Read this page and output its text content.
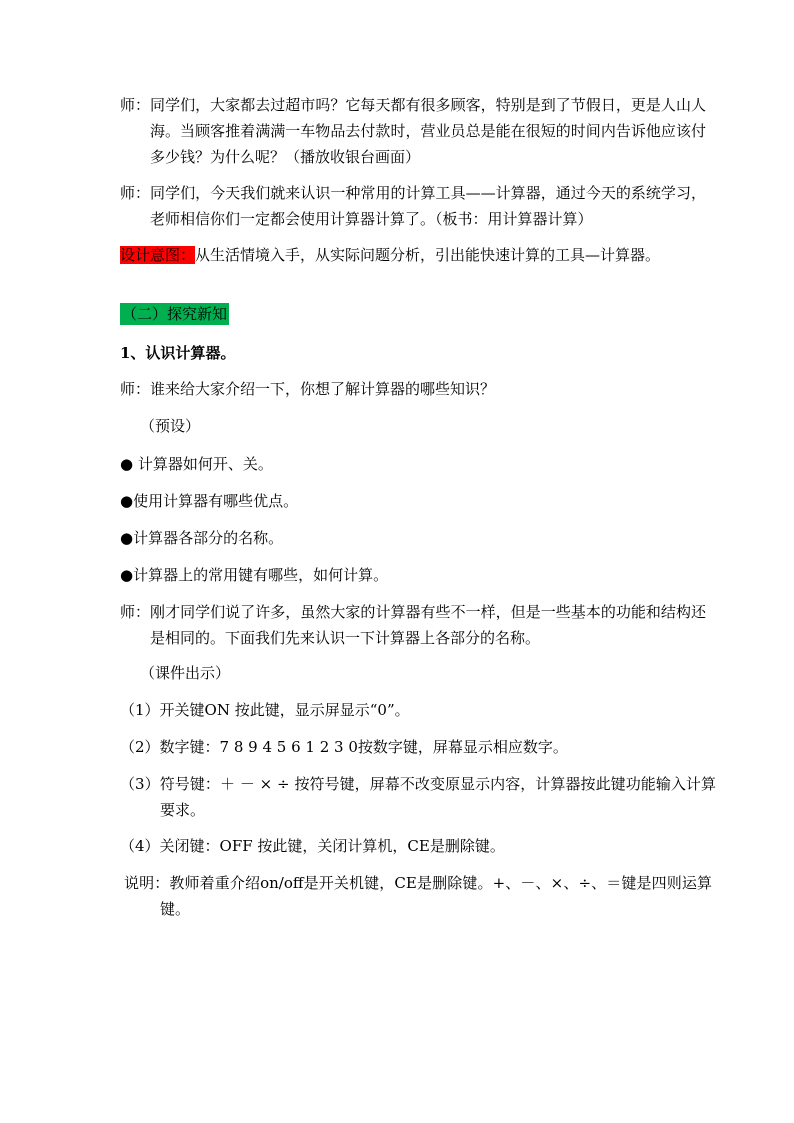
师：同学们，大家都去过超市吗？它每天都有很多顾客，特别是到了节假日，更是人山人海。当顾客推着满满一车物品去付款时，营业员总是能在很短的时间内告诉他应该付多少钱？为什么呢？（播放收银台画面）
师：同学们，今天我们就来认识一种常用的计算工具——计算器，通过今天的系统学习，老师相信你们一定都会使用计算器计算了。（板书：用计算器计算）
设计意图：从生活情境入手，从实际问题分析，引出能快速计算的工具—计算器。
（二）探究新知
1、认识计算器。
师：谁来给大家介绍一下，你想了解计算器的哪些知识？
（预设）
● 计算器如何开、关。
●使用计算器有哪些优点。
●计算器各部分的名称。
●计算器上的常用键有哪些，如何计算。
师：刚才同学们说了许多，虽然大家的计算器有些不一样，但是一些基本的功能和结构还是相同的。下面我们先来认识一下计算器上各部分的名称。
（课件出示）
（1）开关键ON 按此键，显示屏显示“0”。
（2）数字键：7 8 9 4 5 6 1 2 3 0按数字键，屏幕显示相应数字。
（3）符号键：＋ － × ÷ 按符号键，屏幕不改变原显示内容，计算器按此键功能输入计算要求。
（4）关闭键：OFF 按此键，关闭计算机，CE是删除键。
说明：教师着重介绍on/off是开关机键，CE是删除键。+、－、×、÷、＝键是四则运算键。
